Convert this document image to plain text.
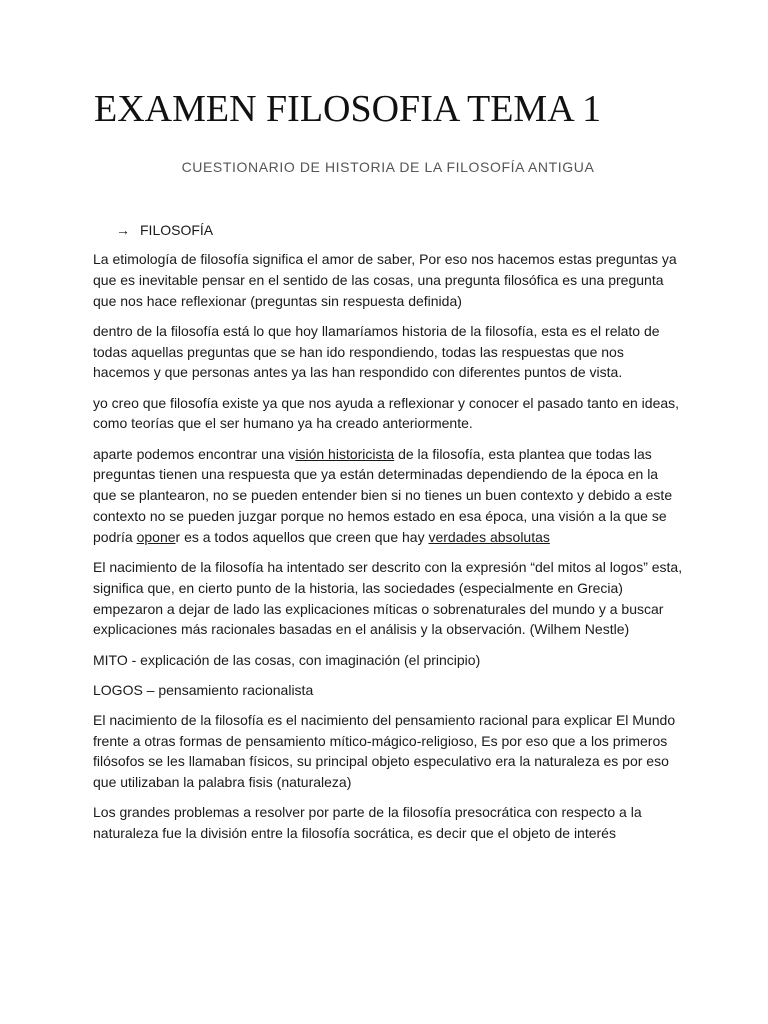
EXAMEN FILOSOFIA TEMA 1
CUESTIONARIO DE HISTORIA DE LA FILOSOFÍA ANTIGUA
→ FILOSOFÍA

La etimología de filosofía significa el amor de saber, Por eso nos hacemos estas preguntas ya que es inevitable pensar en el sentido de las cosas, una pregunta filosófica es una pregunta que nos hace reflexionar (preguntas sin respuesta definida)

dentro de la filosofía está lo que hoy llamaríamos historia de la filosofía, esta es el relato de todas aquellas preguntas que se han ido respondiendo, todas las respuestas que nos hacemos y que personas antes ya las han respondido con diferentes puntos de vista.

yo creo que filosofía existe ya que nos ayuda a reflexionar y conocer el pasado tanto en ideas, como teorías que el ser humano ya ha creado anteriormente.

aparte podemos encontrar una visión historicista de la filosofía, esta plantea que todas las preguntas tienen una respuesta que ya están determinadas dependiendo de la época en la que se plantearon, no se pueden entender bien si no tienes un buen contexto y debido a este contexto no se pueden juzgar porque no hemos estado en esa época, una visión a la que se podría oponer es a todos aquellos que creen que hay verdades absolutas

El nacimiento de la filosofía ha intentado ser descrito con la expresión “del mitos al logos” esta, significa que, en cierto punto de la historia, las sociedades (especialmente en Grecia) empezaron a dejar de lado las explicaciones míticas o sobrenaturales del mundo y a buscar explicaciones más racionales basadas en el análisis y la observación. (Wilhem Nestle)

MITO - explicación de las cosas, con imaginación (el principio)

LOGOS – pensamiento racionalista

El nacimiento de la filosofía es el nacimiento del pensamiento racional para explicar El Mundo frente a otras formas de pensamiento mítico-mágico-religioso, Es por eso que a los primeros filósofos se les llamaban físicos, su principal objeto especulativo era la naturaleza es por eso que utilizaban la palabra fisis (naturaleza)

Los grandes problemas a resolver por parte de la filosofía presocrática con respecto a la naturaleza fue la división entre la filosofía socrática, es decir que el objeto de interés
